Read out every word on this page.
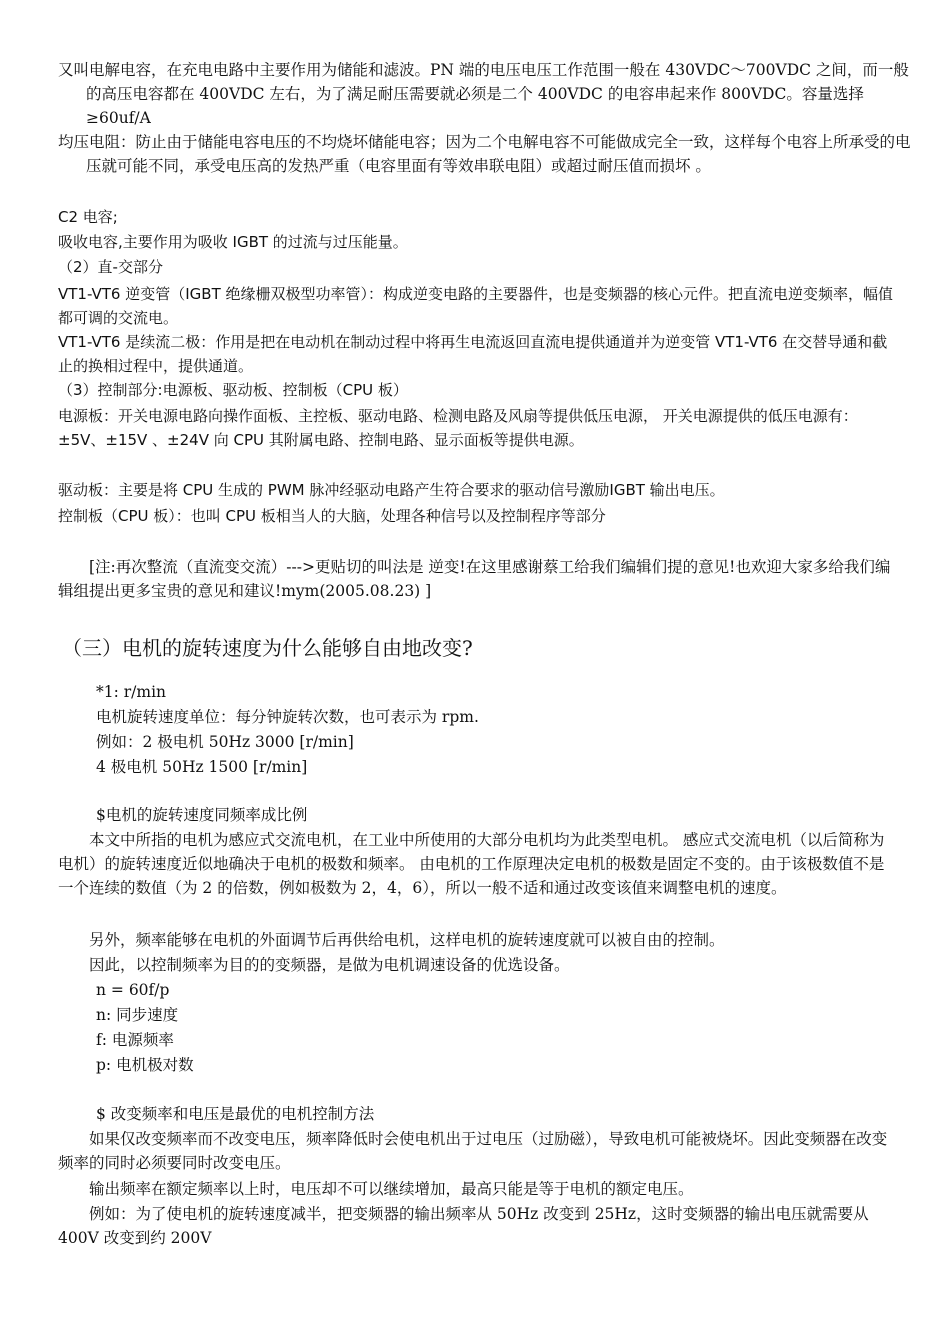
又叫电解电容，在充电电路中主要作用为储能和滤波。PN 端的电压电压工作范围一般在 430VDC～700VDC 之间，而一般的高压电容都在 400VDC 左右，为了满足耐压需要就必须是二个 400VDC 的电容串起来作 800VDC。容量选择≥60uf/A

均压电阻：防止由于储能电容电压的不均烧坏储能电容；因为二个电解电容不可能做成完全一致，这样每个电容上所承受的电压就可能不同，承受电压高的发热严重（电容里面有等效串联电阻）或超过耐压值而损坏 。

C2 电容;

吸收电容,主要作用为吸收 IGBT 的过流与过压能量。

（2）直-交部分

VT1-VT6 逆变管（IGBT 绝缘栅双极型功率管）：构成逆变电路的主要器件，也是变频器的核心元件。把直流电逆变频率，幅值都可调的交流电。

VT1-VT6 是续流二极：作用是把在电动机在制动过程中将再生电流返回直流电提供通道并为逆变管 VT1-VT6 在交替导通和截止的换相过程中，提供通道。

（3）控制部分:电源板、驱动板、控制板（CPU 板）

电源板：开关电源电路向操作面板、主控板、驱动电路、检测电路及风扇等提供低压电源， 开关电源提供的低压电源有：±5V、±15V 、±24V 向 CPU 其附属电路、控制电路、显示面板等提供电源。

驱动板：主要是将 CPU 生成的 PWM 脉冲经驱动电路产生符合要求的驱动信号激励IGBT 输出电压。

控制板（CPU 板）：也叫 CPU 板相当人的大脑，处理各种信号以及控制程序等部分

[注:再次整流（直流变交流）--->更贴切的叫法是 逆变!在这里感谢蔡工给我们编辑们提的意见!也欢迎大家多给我们编辑组提出更多宝贵的意见和建议!mym(2005.08.23) ]

（三）电机的旋转速度为什么能够自由地改变?

*1: r/min

电机旋转速度单位：每分钟旋转次数，也可表示为 rpm.

例如：2 极电机 50Hz 3000 [r/min]

4 极电机 50Hz 1500 [r/min]

$电机的旋转速度同频率成比例

本文中所指的电机为感应式交流电机，在工业中所使用的大部分电机均为此类型电机。 感应式交流电机（以后简称为电机）的旋转速度近似地确决于电机的极数和频率。 由电机的工作原理决定电机的极数是固定不变的。由于该极数值不是一个连续的数值（为 2 的倍数，例如极数为 2，4，6），所以一般不适和通过改变该值来调整电机的速度。

另外，频率能够在电机的外面调节后再供给电机，这样电机的旋转速度就可以被自由的控制。

因此，以控制频率为目的的变频器，是做为电机调速设备的优选设备。

n = 60f/p

n: 同步速度

f: 电源频率

p: 电机极对数

$ 改变频率和电压是最优的电机控制方法

如果仅改变频率而不改变电压，频率降低时会使电机出于过电压（过励磁），导致电机可能被烧坏。因此变频器在改变频率的同时必须要同时改变电压。

输出频率在额定频率以上时，电压却不可以继续增加，最高只能是等于电机的额定电压。

例如：为了使电机的旋转速度减半，把变频器的输出频率从 50Hz 改变到 25Hz，这时变频器的输出电压就需要从 400V 改变到约 200V
